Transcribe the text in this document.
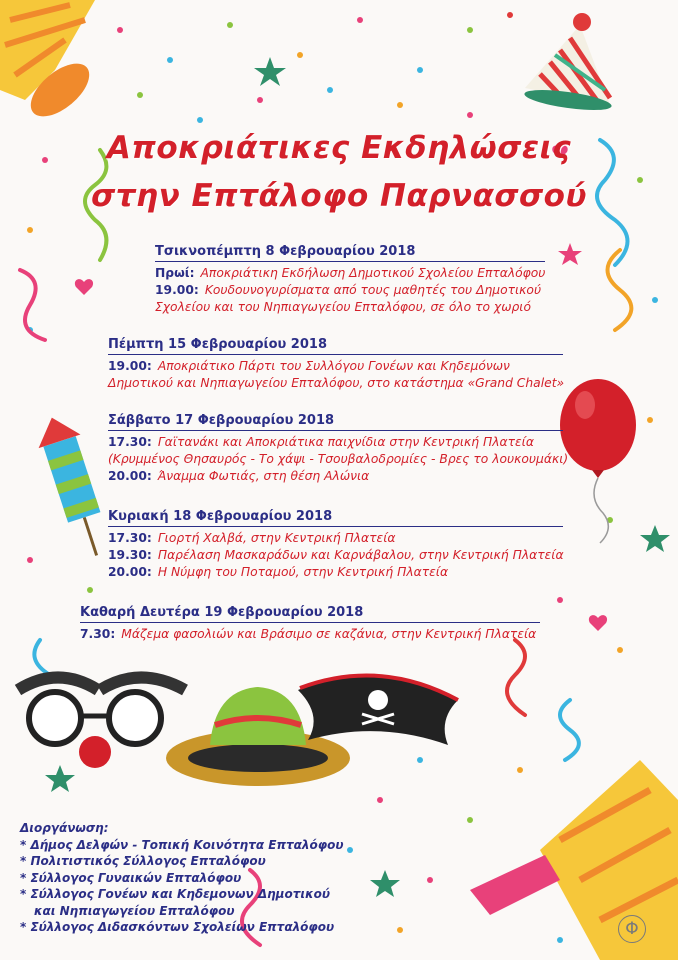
Αποκριάτικες Εκδηλώσεις
στην Επτάλοφο Παρνασσού
Τσικνοπέμπτη 8 Φεβρουαρίου 2018
Πρωί: Αποκριάτικη Εκδήλωση Δημοτικού Σχολείου Επταλόφου
19.00: Κουδουνογυρίσματα από τους μαθητές του Δημοτικού
Σχολείου και του Νηπιαγωγείου Επταλόφου, σε όλο το χωριό
Πέμπτη 15 Φεβρουαρίου 2018
19.00: Αποκριάτικο Πάρτι του Συλλόγου Γονέων και Κηδεμόνων
Δημοτικού και Νηπιαγωγείου Επταλόφου, στο κατάστημα «Grand Chalet»
Σάββατο 17 Φεβρουαρίου 2018
17.30: Γαϊτανάκι και Αποκριάτικα παιχνίδια στην Κεντρική Πλατεία
(Κρυμμένος Θησαυρός - Το χάψι - Τσουβαλοδρομίες - Βρες το λουκουμάκι)
20.00: Άναμμα Φωτιάς, στη θέση Αλώνια
Κυριακή 18 Φεβρουαρίου 2018
17.30: Γιορτή Χαλβά, στην Κεντρική Πλατεία
19.30: Παρέλαση Μασκαράδων και Καρνάβαλου, στην Κεντρική Πλατεία
20.00: Η Νύμφη του Ποταμού, στην Κεντρική Πλατεία
Καθαρή Δευτέρα 19 Φεβρουαρίου 2018
7.30: Μάζεμα φασολιών και Βράσιμο σε καζάνια, στην Κεντρική Πλατεία
Διοργάνωση:
* Δήμος Δελφών - Τοπική Κοινότητα Επταλόφου
* Πολιτιστικός Σύλλογος Επταλόφου
* Σύλλογος Γυναικών Επταλόφου
* Σύλλογος Γονέων και Κηδεμονων Δημοτικού
και Νηπιαγωγείου Επταλόφου
* Σύλλογος Διδασκόντων Σχολείων Επταλόφου	Φ
